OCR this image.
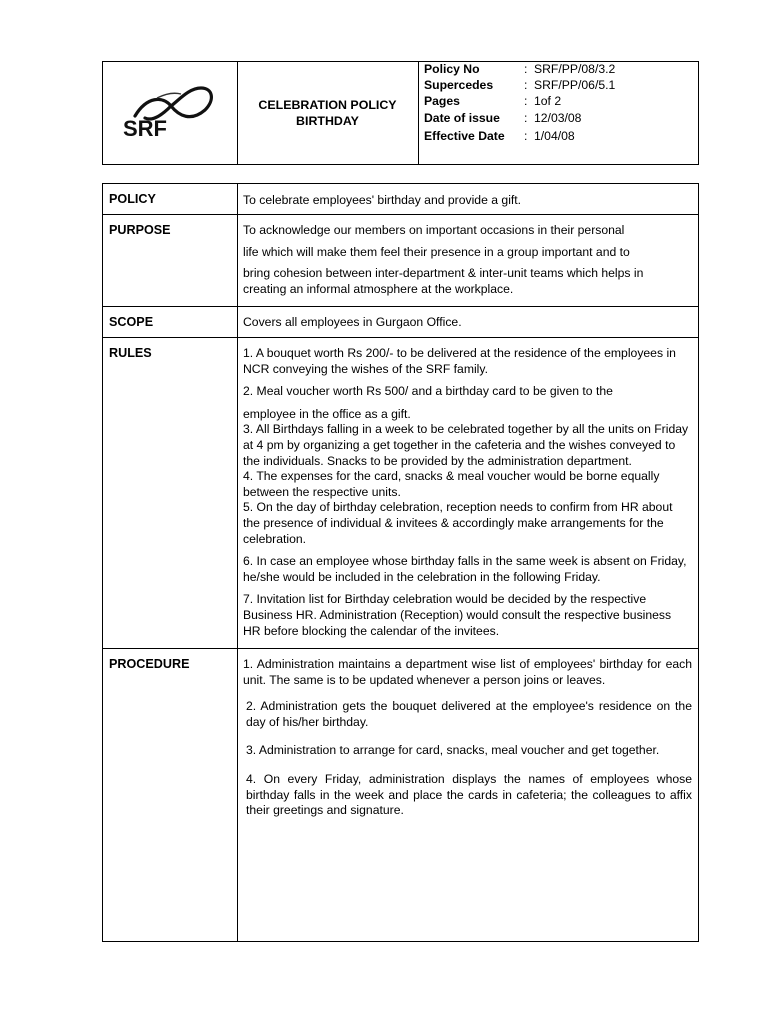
SRF
CELEBRATION POLICY
BIRTHDAY
Policy No	: SRF/PP/08/3.2
Supercedes	: SRF/PP/06/5.1
Pages	: 1of 2
Date of issue : 12/03/08
Effective Date : 1/04/08
POLICY	To celebrate employees' birthday and provide a gift.
PURPOSE	To acknowledge our members on important occasions in their personal

life which will make them feel their presence in a group important and to

bring cohesion between inter-department & inter-unit teams which helps in

creating an informal atmosphere at the workplace.

SCOPE	Covers all employees in Gurgaon Office.
RULES	1. A bouquet worth Rs 200/- to be delivered at the residence of the employees in NCR conveying the wishes of the SRF family.

2. Meal voucher worth Rs 500/ and a birthday card to be given to the

employee in the office as a gift.

3. All Birthdays falling in a week to be celebrated together by all the units on Friday at 4 pm by organizing a get together in the cafeteria and the wishes conveyed to the individuals. Snacks to be provided by the administration department.

4. The expenses for the card, snacks & meal voucher would be borne equally between the respective units.

5. On the day of birthday celebration, reception needs to confirm from HR about the presence of individual & invitees & accordingly make arrangements for the celebration.

6. In case an employee whose birthday falls in the same week is absent on Friday, he/she would be included in the celebration in the following Friday.

7. Invitation list for Birthday celebration would be decided by the respective Business HR. Administration (Reception) would consult the respective business HR before blocking the calendar of the invitees.

PROCEDURE	1. Administration maintains a department wise list of employees' birthday for each unit. The same is to be updated whenever a person joins or leaves.

2. Administration gets the bouquet delivered at the employee's residence on the day of his/her birthday.

3. Administration to arrange for card, snacks, meal voucher and get together.

4. On every Friday, administration displays the names of employees whose birthday falls in the week and place the cards in cafeteria; the colleagues to affix their greetings and signature.
